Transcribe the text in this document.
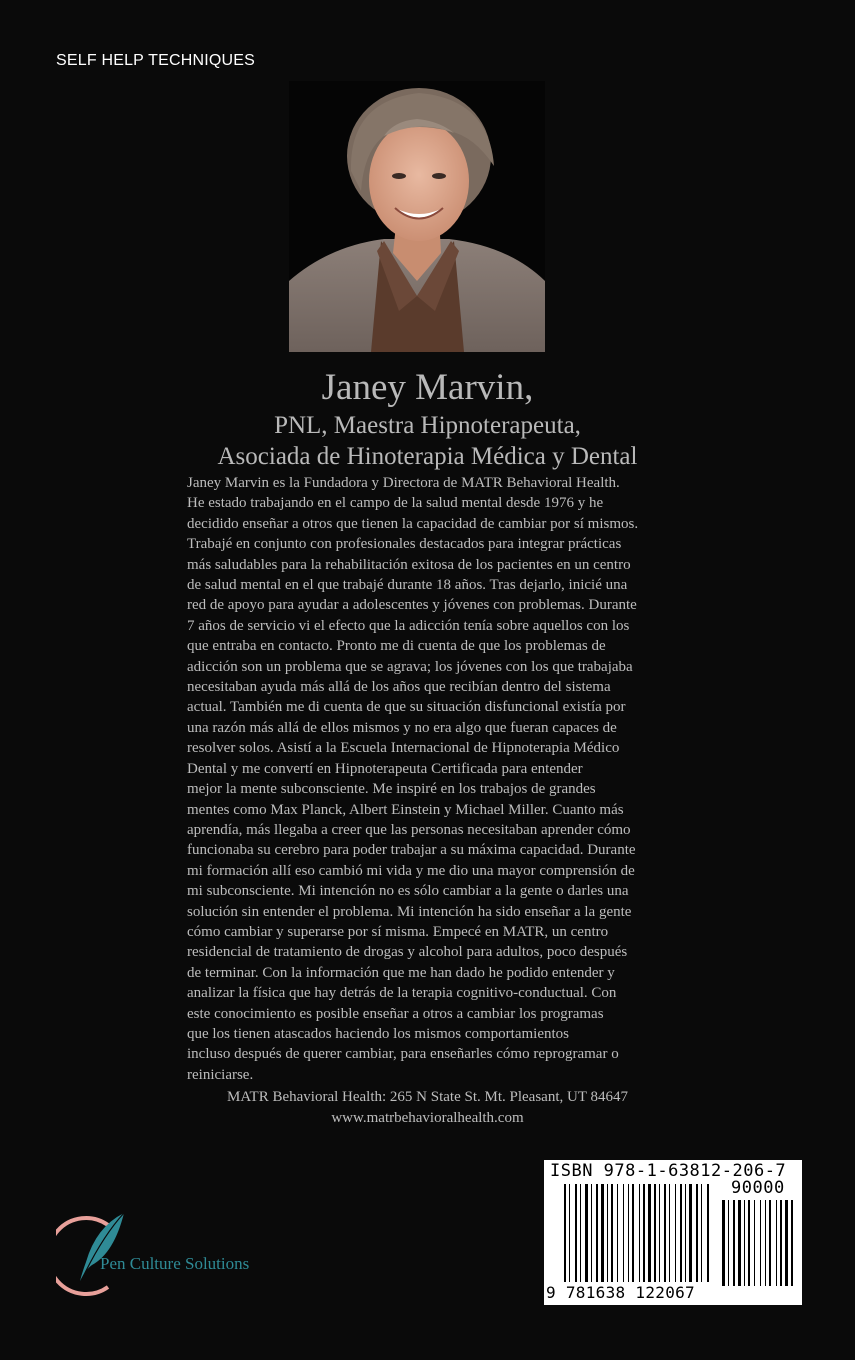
SELF HELP TECHNIQUES
Janey Marvin,
PNL, Maestra Hipnoterapeuta,
Asociada de Hinoterapia Médica y Dental
Janey Marvin es la Fundadora y Directora de MATR Behavioral Health.
He estado trabajando en el campo de la salud mental desde 1976 y he
decidido enseñar a otros que tienen la capacidad de cambiar por sí mismos.
Trabajé en conjunto con profesionales destacados para integrar prácticas
más saludables para la rehabilitación exitosa de los pacientes en un centro
de salud mental en el que trabajé durante 18 años. Tras dejarlo, inicié una
red de apoyo para ayudar a adolescentes y jóvenes con problemas. Durante
7 años de servicio vi el efecto que la adicción tenía sobre aquellos con los
que entraba en contacto. Pronto me di cuenta de que los problemas de
adicción son un problema que se agrava; los jóvenes con los que trabajaba
necesitaban ayuda más allá de los años que recibían dentro del sistema
actual. También me di cuenta de que su situación disfuncional existía por
una razón más allá de ellos mismos y no era algo que fueran capaces de
resolver solos. Asistí a la Escuela Internacional de Hipnoterapia Médico
Dental y me convertí en Hipnoterapeuta Certificada para entender
mejor la mente subconsciente. Me inspiré en los trabajos de grandes
mentes como Max Planck, Albert Einstein y Michael Miller. Cuanto más
aprendía, más llegaba a creer que las personas necesitaban aprender cómo
funcionaba su cerebro para poder trabajar a su máxima capacidad. Durante
mi formación allí eso cambió mi vida y me dio una mayor comprensión de
mi subconsciente. Mi intención no es sólo cambiar a la gente o darles una
solución sin entender el problema. Mi intención ha sido enseñar a la gente
cómo cambiar y superarse por sí misma. Empecé en MATR, un centro
residencial de tratamiento de drogas y alcohol para adultos, poco después
de terminar. Con la información que me han dado he podido entender y
analizar la física que hay detrás de la terapia cognitivo-conductual. Con
este conocimiento es posible enseñar a otros a cambiar los programas
que los tienen atascados haciendo los mismos comportamientos
incluso después de querer cambiar, para enseñarles cómo reprogramar o
reiniciarse.
MATR Behavioral Health: 265 N State St. Mt. Pleasant, UT 84647
www.matrbehavioralhealth.com
Pen Culture Solutions
ISBN 978-1-63812-206-7
90000
9 781638 122067
